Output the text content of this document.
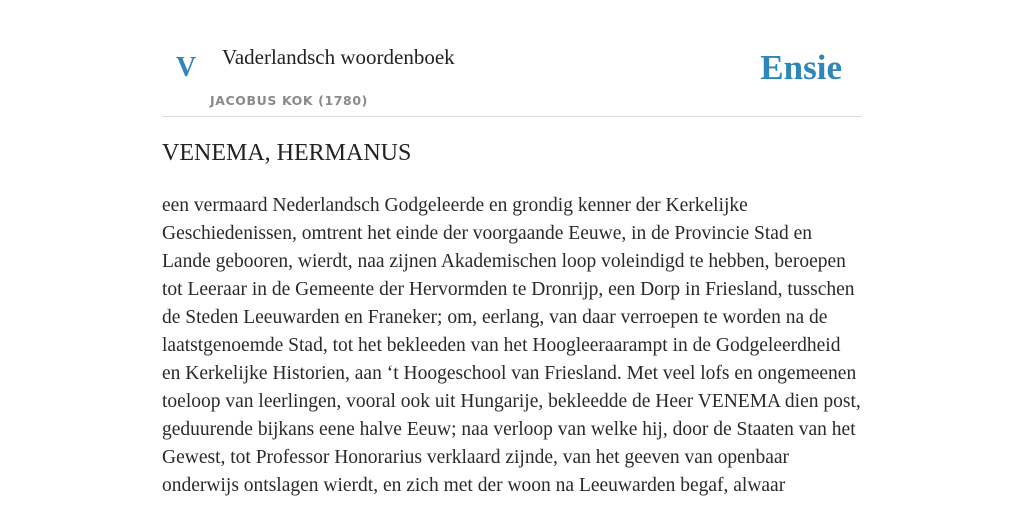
V Vaderlandsch woordenboek
JACOBUS KOK (1780)
Ensie
VENEMA, HERMANUS

een vermaard Nederlandsch Godgeleerde en grondig kenner der Kerkelijke Geschiedenissen, omtrent het einde der voorgaande Eeuwe, in de Provincie Stad en Lande gebooren, wierdt, naa zijnen Akademischen loop voleindigd te hebben, beroepen tot Leeraar in de Gemeente der Hervormden te Dronrijp, een Dorp in Friesland, tusschen de Steden Leeuwarden en Franeker; om, eerlang, van daar verroepen te worden na de laatstgenoemde Stad, tot het bekleeden van het Hoogleeraarampt in de Godgeleerdheid en Kerkelijke Historien, aan ‘t Hoogeschool van Friesland. Met veel lofs en ongemeenen toeloop van leerlingen, vooral ook uit Hungarije, bekleedde de Heer VENEMA dien post, geduurende bijkans eene halve Eeuw; naa verloop van welke hij, door de Staaten van het Gewest, tot Professor Honorarius verklaard zijnde, van het geeven van openbaar onderwijs ontslagen wierdt, en zich met der woon na Leeuwarden begaf, alwaar
